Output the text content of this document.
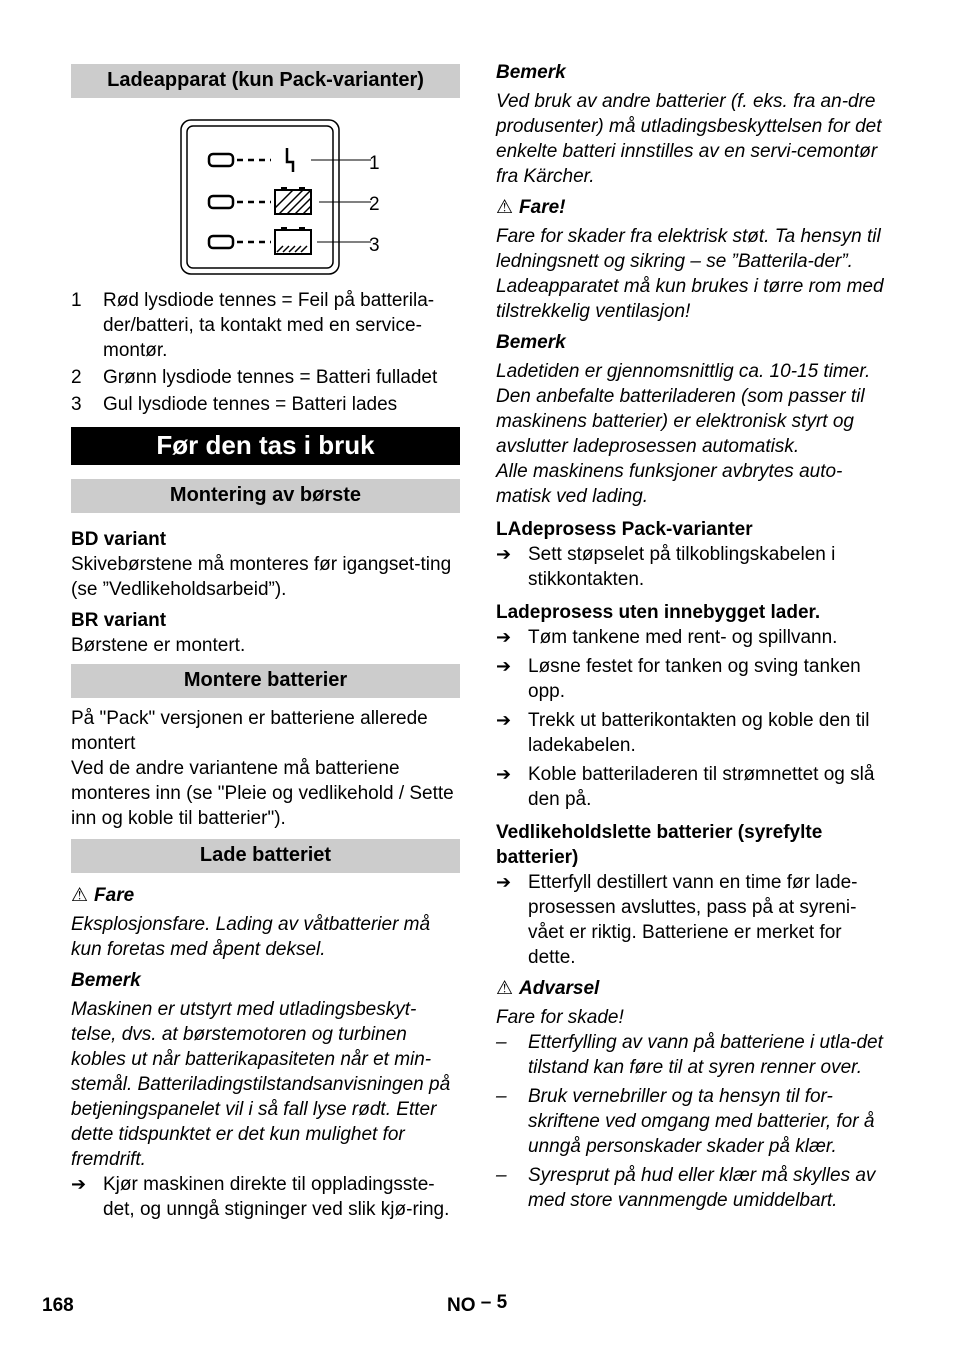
Ladeapparat (kun Pack-varianter)
1
2
3
1	Rød lysdiode tennes = Feil på batterila-der/batteri, ta kontakt med en service-montør.
2	Grønn lysdiode tennes = Batteri fulladet
3	Gul lysdiode tennes = Batteri lades
Før den tas i bruk
Montering av børste

BD variant

Skivebørstene må monteres før igangset-ting (se ”Vedlikeholdsarbeid”).

BR variant

Børstene er montert.

Montere batterier

På "Pack" versjonen er batteriene allerede montert

Ved de andre variantene må batteriene monteres inn (se "Pleie og vedlikehold / Sette inn og koble til batterier").

Lade batteriet

⚠ Fare

Eksplosjonsfare. Lading av våtbatterier må kun foretas med åpent deksel.

Bemerk

Maskinen er utstyrt med utladingsbeskyt-telse, dvs. at børstemotoren og turbinen kobles ut når batterikapasiteten når et min-stemål. Batteriladingstilstandsanvisningen på betjeningspanelet vil i så fall lyse rødt. Etter dette tidspunktet er det kun mulighet for fremdrift.

➔ Kjør maskinen direkte til oppladingsste-det, og unngå stigninger ved slik kjø-ring.

Bemerk

Ved bruk av andre batterier (f. eks. fra an-dre produsenter) må utladingsbeskyttelsen for det enkelte batteri innstilles av en servi-cemontør fra Kärcher.

⚠ Fare!

Fare for skader fra elektrisk støt. Ta hensyn til ledningsnett og sikring – se ”Batterila-der”.

Ladeapparatet må kun brukes i tørre rom med tilstrekkelig ventilasjon!

Bemerk

Ladetiden er gjennomsnittlig ca. 10-15 timer.

Den anbefalte batteriladeren (som passer til maskinens batterier) er elektronisk styrt og avslutter ladeprosessen automatisk.

Alle maskinens funksjoner avbrytes auto-matisk ved lading.

LAdeprosess Pack-varianter

➔ Sett støpselet på tilkoblingskabelen i stikkontakten.

Ladeprosess uten innebygget lader.

➔ Tøm tankene med rent- og spillvann.
➔ Løsne festet for tanken og sving tanken opp.
➔ Trekk ut batterikontakten og koble den til ladekabelen.
➔ Koble batteriladeren til strømnettet og slå den på.

Vedlikeholdslette batterier (syrefylte batterier)

➔ Etterfyll destillert vann en time før lade-prosessen avsluttes, pass på at syreni-vået er riktig. Batteriene er merket for dette.

⚠ Advarsel

Fare for skade!

–	Etterfylling av vann på batteriene i utla-det tilstand kan føre til at syren renner over.
–	Bruk vernebriller og ta hensyn til for-skriftene ved omgang med batterier, for å unngå personskader skader på klær.
–	Syresprut på hud eller klær må skylles av med store vannmengde umiddelbart.
168	NO – 5
